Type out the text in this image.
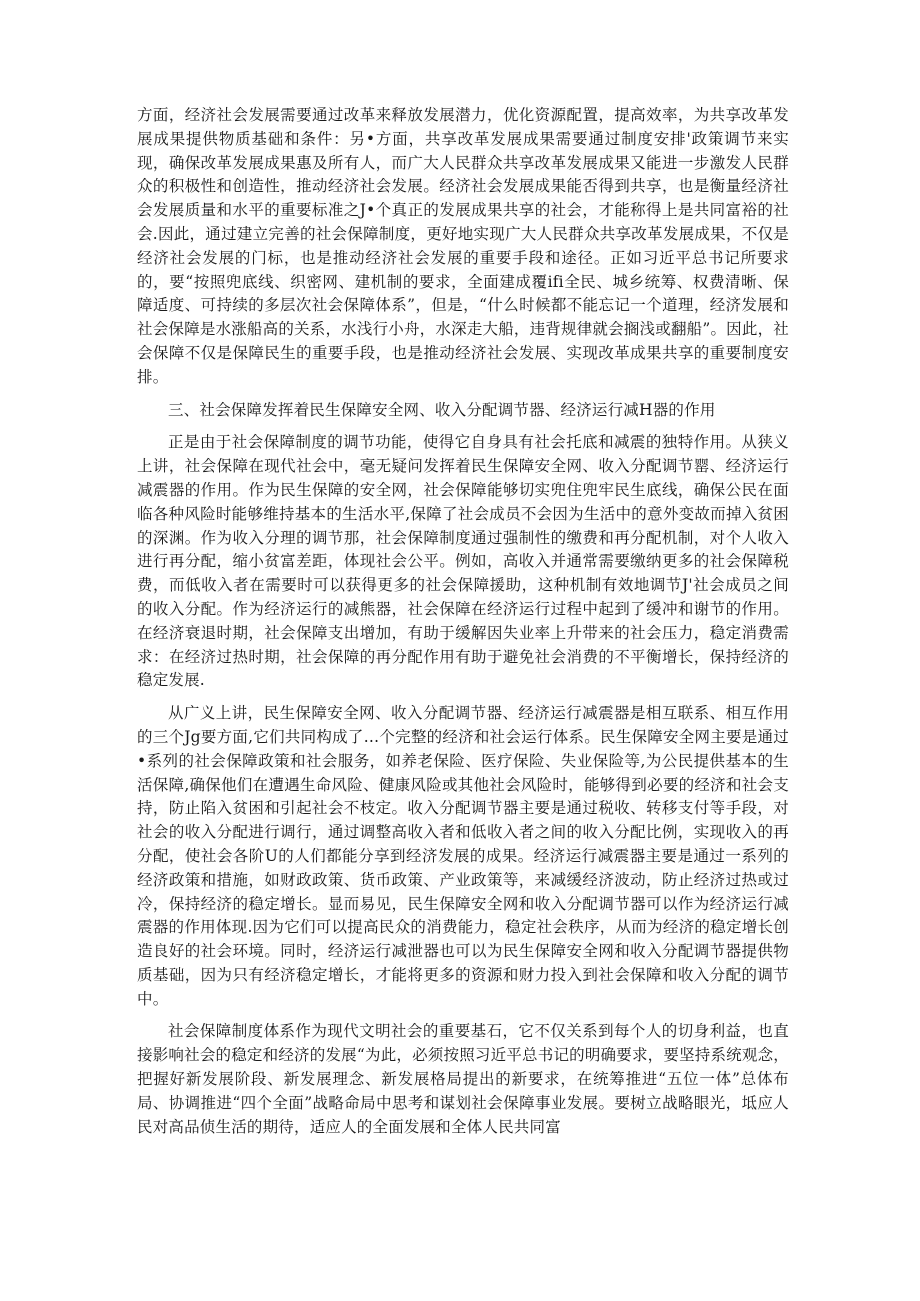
方面，经济社会发展需要通过改革来释放发展潜力，优化资源配置，提高效率，为共享改革发展成果提供物质基础和条件：另•方面，共享改革发展成果需要通过制度安排'政策调节来实现，确保改革发展成果惠及所有人，而广大人民群众共享改革发展成果又能进一步激发人民群众的积极性和创造性，推动经济社会发展。经济社会发展成果能否得到共享，也是衡量经济社会发展质量和水平的重要标准之J•个真正的发展成果共享的社会，才能称得上是共同富裕的社会.因此，通过建立完善的社会保障制度，更好地实现广大人民群众共享改革发展成果，不仅是经济社会发展的门标，也是推动经济社会发展的重要手段和途径。正如习近平总书记所要求的，要“按照兜底线、织密网、建机制的要求，全面建成覆ifi全民、城乡统筹、权费清晰、保障适度、可持续的多层次社会保障体系”，但是，“什么时候都不能忘记一个道理，经济发展和社会保障是水涨船高的关系，水浅行小舟，水深走大船，违背规律就会搁浅或翻船”。因此，社会保障不仅是保障民生的重要手段，也是推动经济社会发展、实现改革成果共享的重要制度安排。

三、社会保障发挥着民生保障安全网、收入分配调节器、经济运行减H器的作用

正是由于社会保障制度的调节功能，使得它自身具有社会托底和减震的独特作用。从狭义上讲，社会保障在现代社会中，毫无疑问发挥着民生保障安全网、收入分配调节罂、经济运行减震器的作用。作为民生保障的安全网，社会保障能够切实兜住兜牢民生底线，确保公民在面临各种风险时能够维持基本的生活水平,保障了社会成员不会因为生活中的意外变故而掉入贫困的深渊。作为收入分理的调节那，社会保障制度通过强制性的缴费和再分配机制，对个人收入进行再分配，缩小贫富差距，体现社会公平。例如，高收入并通常需要缴纳更多的社会保障税费，而低收入者在需要时可以获得更多的社会保障援助，这种机制有效地调节J'社会成员之间的收入分配。作为经济运行的减熊器，社会保障在经济运行过程中起到了缓冲和谢节的作用。在经济衰退时期，社会保障支出增加，有助于缓解因失业率上升带来的社会压力，稳定消费需求：在经济过热时期，社会保障的再分配作用有助于避免社会消费的不平衡增长，保持经济的稳定发展.

从广义上讲，民生保障安全网、收入分配调节器、经济运行减震器是相互联系、相互作用的三个Jg要方面,它们共同构成了…个完整的经济和社会运行体系。民生保障安全网主要是通过•系列的社会保障政策和社会服务，如养老保险、医疗保险、失业保险等,为公民提供基本的生活保障,确保他们在遭遇生命风险、健康风险或其他社会风险时，能够得到必要的经济和社会支持，防止陷入贫困和引起社会不枝定。收入分配调节器主要是通过税收、转移支付等手段，对社会的收入分配进行调行，通过调整高收入者和低收入者之间的收入分配比例，实现收入的再分配，使社会各阶U的人们都能分享到经济发展的成果。经济运行减震器主要是通过一系列的经济政策和措施，如财政政策、货币政策、产业政策等，来减缓经济波动，防止经济过热或过冷，保持经济的稳定增长。显而易见，民生保障安全网和收入分配调节器可以作为经济运行减震器的作用体现.因为它们可以提高民众的消费能力，稳定社会秩序，从而为经济的稳定增长创造良好的社会环境。同时，经济运行减泄器也可以为民生保障安全网和收入分配调节器提供物质基础，因为只有经济稳定增长，才能将更多的资源和财力投入到社会保障和收入分配的调节中。

社会保障制度体系作为现代文明社会的重要基石，它不仅关系到每个人的切身利益，也直接影响社会的稳定和经济的发展“为此，必须按照习近平总书记的明确要求，要坚持系统观念，把握好新发展阶段、新发展理念、新发展格局提出的新要求，在统筹推进“五位一体”总体布局、协调推进“四个全面”战略命局中思考和谋划社会保障事业发展。要树立战略眼光，坻应人民对高品侦生活的期待，适应人的全面发展和全体人民共同富
